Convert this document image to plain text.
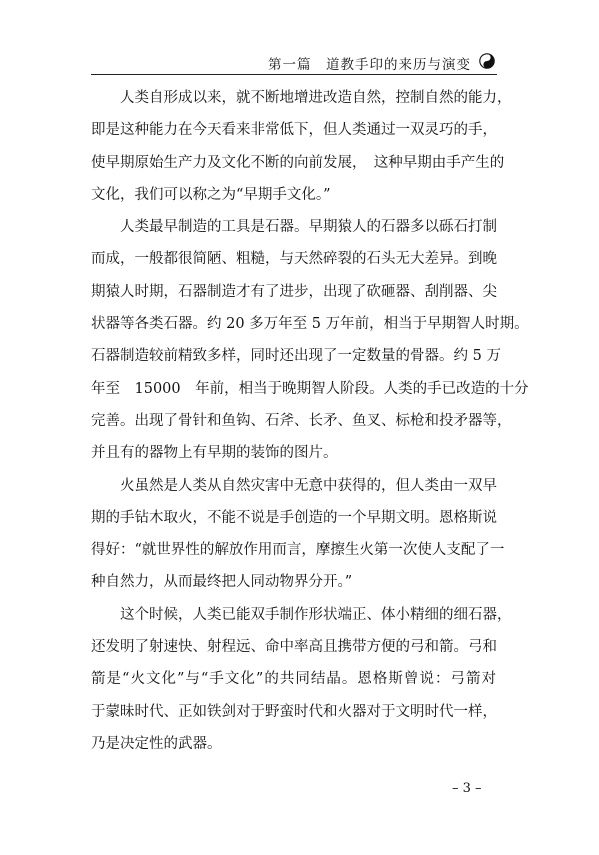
第一篇　道教手印的来历与演变

人类自形成以来，就不断地增进改造自然，控制自然的能力，
即是这种能力在今天看来非常低下，但人类通过一双灵巧的手，
使早期原始生产力及文化不断的向前发展，　这种早期由手产生的
文化，我们可以称之为“早期手文化。”

人类最早制造的工具是石器。早期猿人的石器多以砾石打制
而成，一般都很简陋、粗糙，与天然碎裂的石头无大差异。到晚
期猿人时期，石器制造才有了进步，出现了砍砸器、刮削器、尖
状器等各类石器。约 20 多万年至 5 万年前，相当于早期智人时期。
石器制造较前精致多样，同时还出现了一定数量的骨器。约 5 万
年至　15000　年前，相当于晚期智人阶段。人类的手已改造的十分
完善。出现了骨针和鱼钩、石斧、长矛、鱼叉、标枪和投矛器等，
并且有的器物上有早期的装饰的图片。

火虽然是人类从自然灾害中无意中获得的，但人类由一双早
期的手钻木取火，不能不说是手创造的一个早期文明。恩格斯说
得好：“就世界性的解放作用而言，摩擦生火第一次使人支配了一
种自然力，从而最终把人同动物界分开。”

这个时候，人类已能双手制作形状端正、体小精细的细石器，
还发明了射速快、射程远、命中率高且携带方便的弓和箭。弓和
箭是“火文化”与“手文化”的共同结晶。恩格斯曾说：弓箭对
于蒙昧时代、正如铁剑对于野蛮时代和火器对于文明时代一样，
乃是决定性的武器。

– 3 –
